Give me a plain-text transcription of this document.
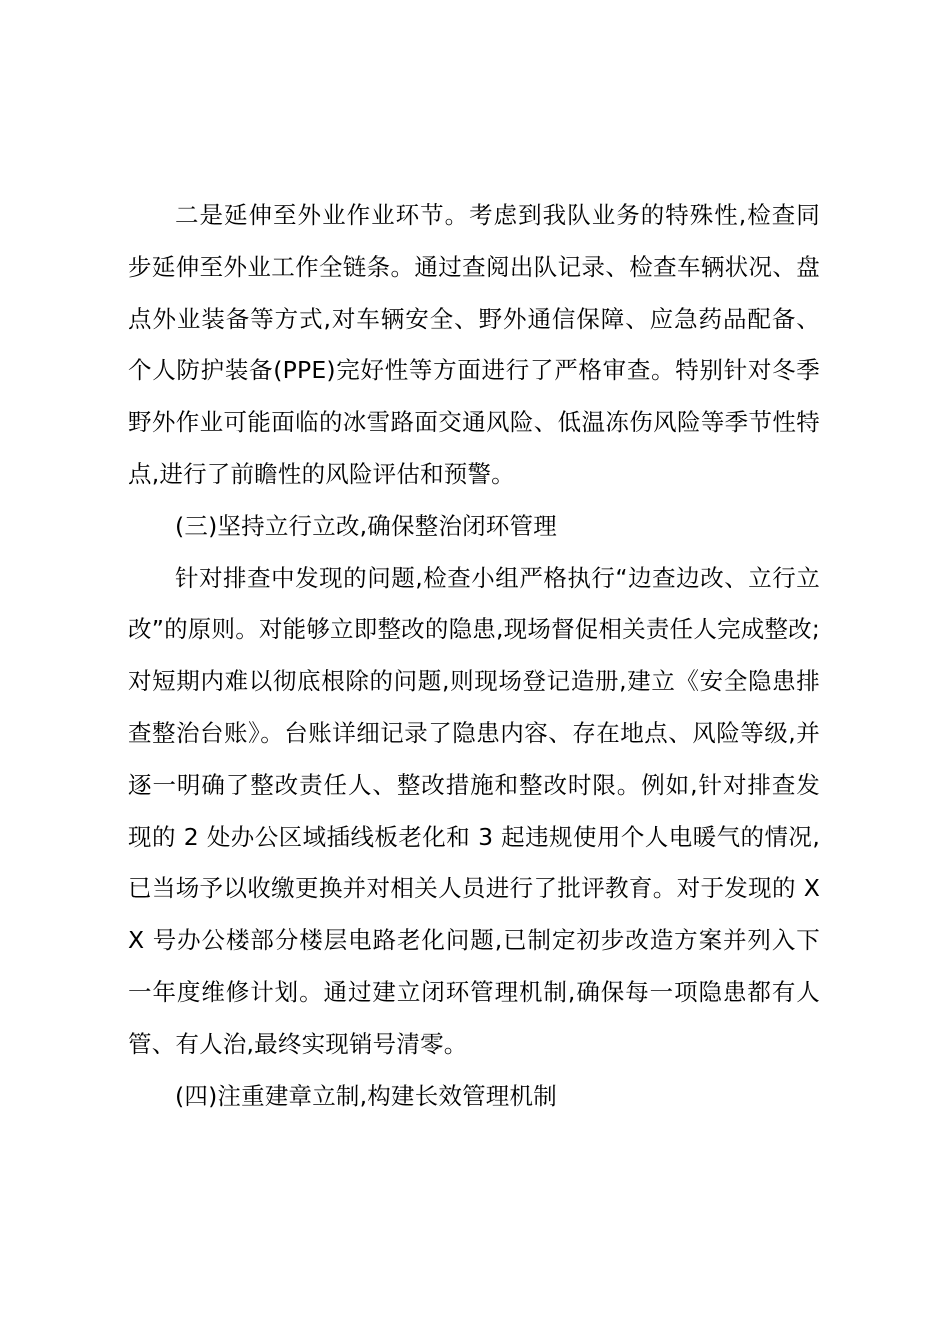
二是延伸至外业作业环节。考虑到我队业务的特殊性,检查同步延伸至外业工作全链条。通过查阅出队记录、检查车辆状况、盘点外业装备等方式,对车辆安全、野外通信保障、应急药品配备、个人防护装备(PPE)完好性等方面进行了严格审查。特别针对冬季野外作业可能面临的冰雪路面交通风险、低温冻伤风险等季节性特点,进行了前瞻性的风险评估和预警。

(三)坚持立行立改,确保整治闭环管理

针对排查中发现的问题,检查小组严格执行“边查边改、立行立改”的原则。对能够立即整改的隐患,现场督促相关责任人完成整改;对短期内难以彻底根除的问题,则现场登记造册,建立《安全隐患排查整治台账》。台账详细记录了隐患内容、存在地点、风险等级,并逐一明确了整改责任人、整改措施和整改时限。例如,针对排查发现的 2 处办公区域插线板老化和 3 起违规使用个人电暖气的情况,已当场予以收缴更换并对相关人员进行了批评教育。对于发现的 XX 号办公楼部分楼层电路老化问题,已制定初步改造方案并列入下一年度维修计划。通过建立闭环管理机制,确保每一项隐患都有人管、有人治,最终实现销号清零。

(四)注重建章立制,构建长效管理机制
